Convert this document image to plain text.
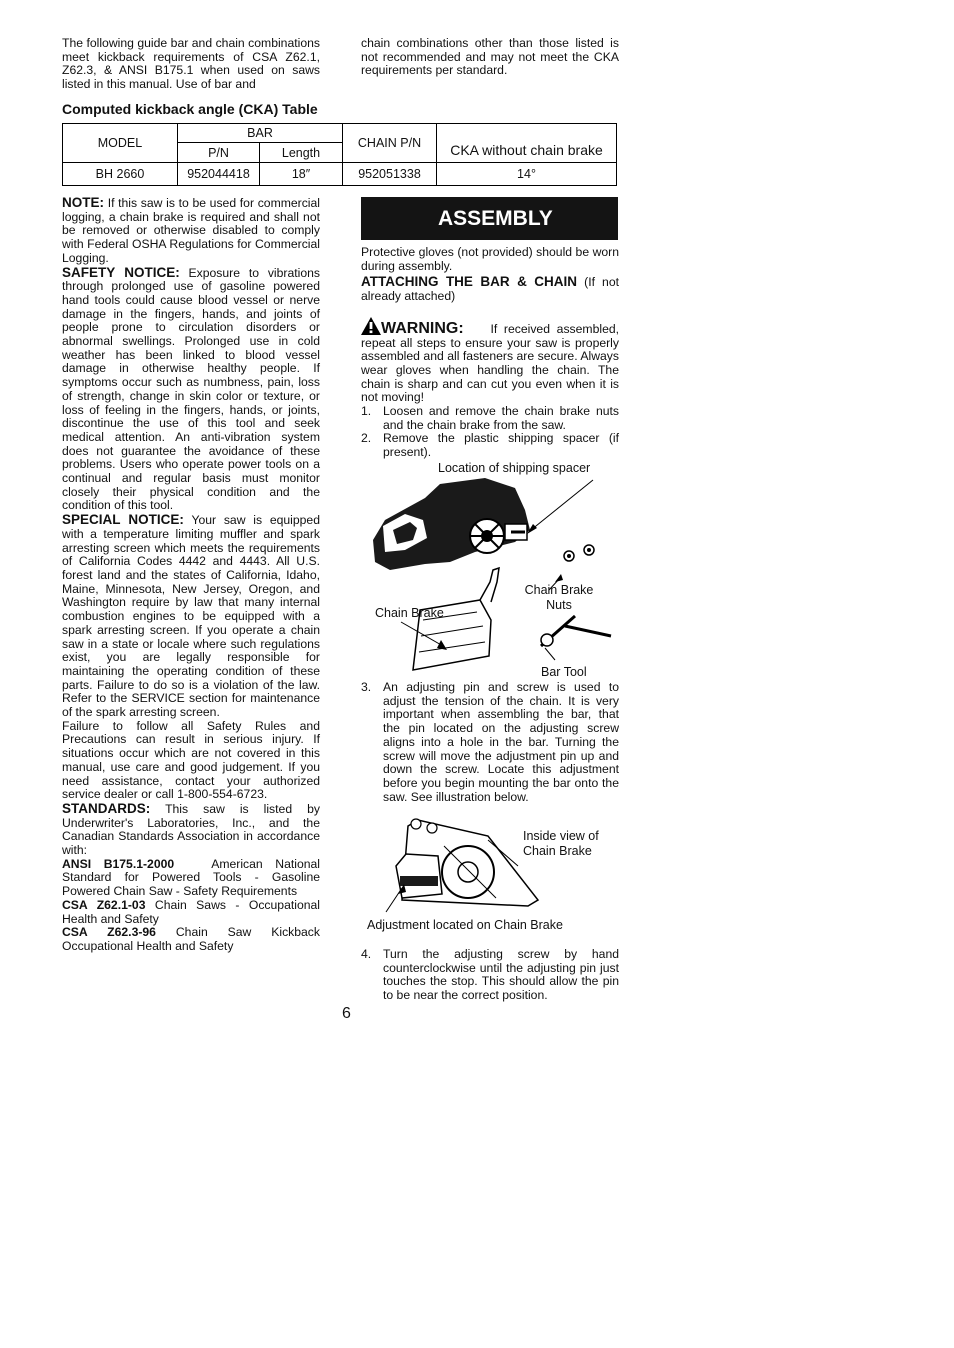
The following guide bar and chain combinations meet kickback requirements of CSA Z62.1, Z62.3, & ANSI B175.1 when used on saws listed in this manual. Use of bar and

chain combinations other than those listed is not recommended and may not meet the CKA requirements per standard.

Computed kickback angle (CKA) Table
MODEL	BAR		CHAIN P/N	CKA without chain brake
	P/N	Length		
BH 2660	952044418	18″	952051338	14°

NOTE: If this saw is to be used for commercial logging, a chain brake is required and shall not be removed or otherwise disabled to comply with Federal OSHA Regulations for Commercial Logging.

SAFETY NOTICE: Exposure to vibrations through prolonged use of gasoline powered hand tools could cause blood vessel or nerve damage in the fingers, hands, and joints of people prone to circulation disorders or abnormal swellings. Prolonged use in cold weather has been linked to blood vessel damage in otherwise healthy people. If symptoms occur such as numbness, pain, loss of strength, change in skin color or texture, or loss of feeling in the fingers, hands, or joints, discontinue the use of this tool and seek medical attention. An anti-vibration system does not guarantee the avoidance of these problems. Users who operate power tools on a continual and regular basis must monitor closely their physical condition and the condition of this tool.

SPECIAL NOTICE: Your saw is equipped with a temperature limiting muffler and spark arresting screen which meets the requirements of California Codes 4442 and 4443. All U.S. forest land and the states of California, Idaho, Maine, Minnesota, New Jersey, Oregon, and Washington require by law that many internal combustion engines to be equipped with a spark arresting screen. If you operate a chain saw in a state or locale where such regulations exist, you are legally responsible for maintaining the operating condition of these parts. Failure to do so is a violation of the law. Refer to the SERVICE section for maintenance of the spark arresting screen.

Failure to follow all Safety Rules and Precautions can result in serious injury. If situations occur which are not covered in this manual, use care and good judgement. If you need assistance, contact your authorized service dealer or call 1-800-554-6723.

STANDARDS: This saw is listed by Underwriter's Laboratories, Inc., and the Canadian Standards Association in accordance with:

ANSI B175.1-2000	American National Standard for Powered Tools - Gasoline Powered Chain Saw - Safety Requirements

CSA Z62.1-03 Chain Saws - Occupational Health and Safety

CSA Z62.3-96 Chain Saw Kickback Occupational Health and Safety

ASSEMBLY

Protective gloves (not provided) should be worn during assembly.

ATTACHING THE BAR & CHAIN (If not already attached)

WARNING: If received assembled, repeat all steps to ensure your saw is properly assembled and all fasteners are secure. Always wear gloves when handling the chain. The chain is sharp and can cut you even when it is not moving!

1. Loosen and remove the chain brake nuts and the chain brake from the saw.
2. Remove the plastic shipping spacer (if present).
Location of shipping spacer
Chain Brake Nuts
Chain Brake
Bar Tool
3. An adjusting pin and screw is used to adjust the tension of the chain. It is very important when assembling the bar, that the pin located on the adjusting screw aligns into a hole in the bar. Turning the screw will move the adjustment pin up and down the screw. Locate this adjustment before you begin mounting the bar onto the saw. See illustration below.
Inside view of Chain Brake
Adjustment located on Chain Brake
4. Turn the adjusting screw by hand counterclockwise until the adjusting pin just touches the stop. This should allow the pin to be near the correct position.
6
